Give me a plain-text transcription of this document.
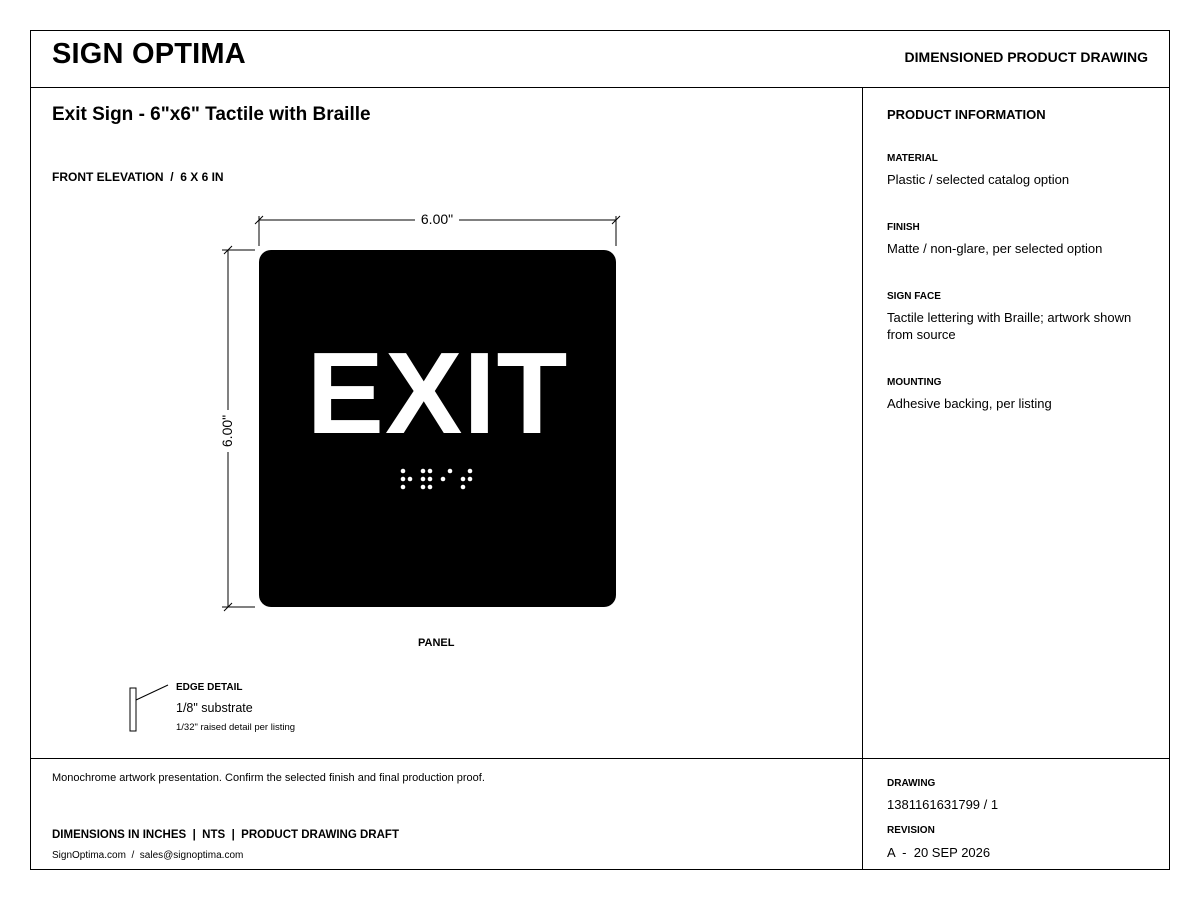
SIGN OPTIMA	DIMENSIONED PRODUCT DRAWING
Exit Sign - 6"x6" Tactile with Braille
FRONT ELEVATION  /  6 X 6 IN
6.00"
6.00" EXIT
PANEL
EDGE DETAIL
1/8" substrate
1/32" raised detail per listing
PRODUCT INFORMATION
MATERIAL
Plastic / selected catalog option
FINISH
Matte / non-glare, per selected option
SIGN FACE
Tactile lettering with Braille; artwork shown from source
MOUNTING
Adhesive backing, per listing
Monochrome artwork presentation. Confirm the selected finish and final production proof.
DIMENSIONS IN INCHES  |  NTS  |  PRODUCT DRAWING DRAFT
SignOptima.com  /  sales@signoptima.com
DRAWING
1381161631799 / 1
REVISION
A  -  20 SEP 2026
